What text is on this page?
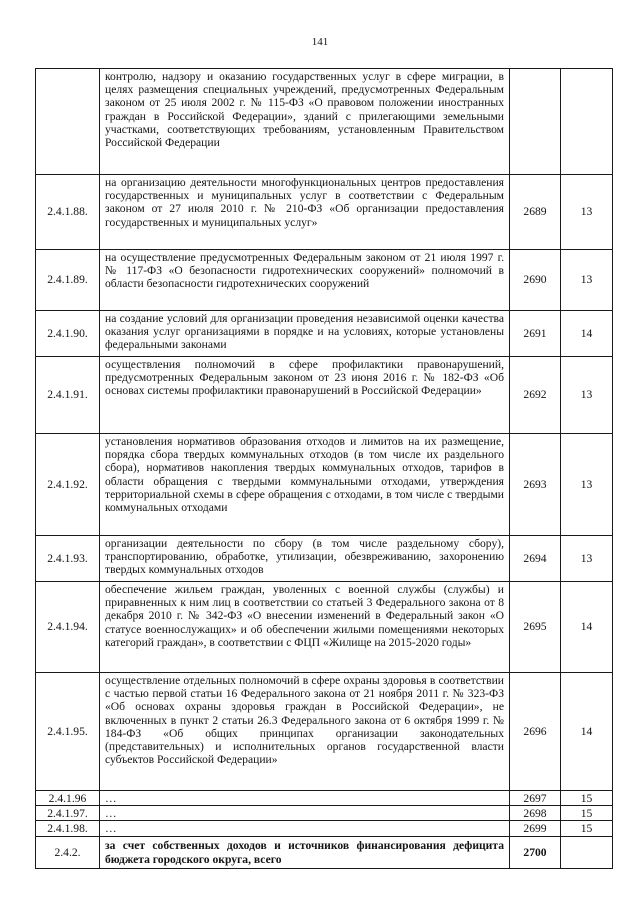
141
	контролю, надзору и оказанию государственных услуг в сфере миграции, в целях размещения специальных учреждений, предусмотренных Федеральным законом от 25 июля 2002 г. № 115-ФЗ «О правовом положении иностранных граждан в Российской Федерации», зданий с прилегающими земельными участками, соответствующих требованиям, установленным Правительством Российской Федерации		
2.4.1.88.	на организацию деятельности многофункциональных центров предоставления государственных и муниципальных услуг в соответствии с Федеральным законом от 27 июля 2010 г. № 210-ФЗ «Об организации предоставления государственных и муниципальных услуг»	2689	13
2.4.1.89.	на осуществление предусмотренных Федеральным законом от 21 июля 1997 г. № 117-ФЗ «О безопасности гидротехнических сооружений» полномочий в области безопасности гидротехнических сооружений	2690	13
2.4.1.90.	на создание условий для организации проведения независимой оценки качества оказания услуг организациями в порядке и на условиях, которые установлены федеральными законами	2691	14
2.4.1.91.	осуществления полномочий в сфере профилактики правонарушений, предусмотренных Федеральным законом от 23 июня 2016 г. № 182-ФЗ «Об основах системы профилактики правонарушений в Российской Федерации»	2692	13
2.4.1.92.	установления нормативов образования отходов и лимитов на их размещение, порядка сбора твердых коммунальных отходов (в том числе их раздельного сбора), нормативов накопления твердых коммунальных отходов, тарифов в области обращения с твердыми коммунальными отходами, утверждения территориальной схемы в сфере обращения с отходами, в том числе с твердыми коммунальных отходами	2693	13
2.4.1.93.	организации деятельности по сбору (в том числе раздельному сбору), транспортированию, обработке, утилизации, обезвреживанию, захоронению твердых коммунальных отходов	2694	13
2.4.1.94.	обеспечение жильем граждан, уволенных с военной службы (службы) и приравненных к ним лиц в соответствии со статьей 3 Федерального закона от 8 декабря 2010 г. № 342-ФЗ «О внесении изменений в Федеральный закон «О статусе военнослужащих» и об обеспечении жилыми помещениями некоторых категорий граждан», в соответствии с ФЦП «Жилище на 2015-2020 годы»	2695	14
2.4.1.95.	осуществление отдельных полномочий в сфере охраны здоровья в соответствии с частью первой статьи 16 Федерального закона от 21 ноября 2011 г. № 323-ФЗ «Об основах охраны здоровья граждан в Российской Федерации», не включенных в пункт 2 статьи 26.3 Федерального закона от 6 октября 1999 г. № 184-ФЗ «Об общих принципах организации законодательных (представительных) и исполнительных органов государственной власти субъектов Российской Федерации»	2696	14
2.4.1.96	…	2697	15
2.4.1.97.	…	2698	15
2.4.1.98.	…	2699	15
2.4.2.	за счет собственных доходов и источников финансирования дефицита бюджета городского округа, всего	2700	
